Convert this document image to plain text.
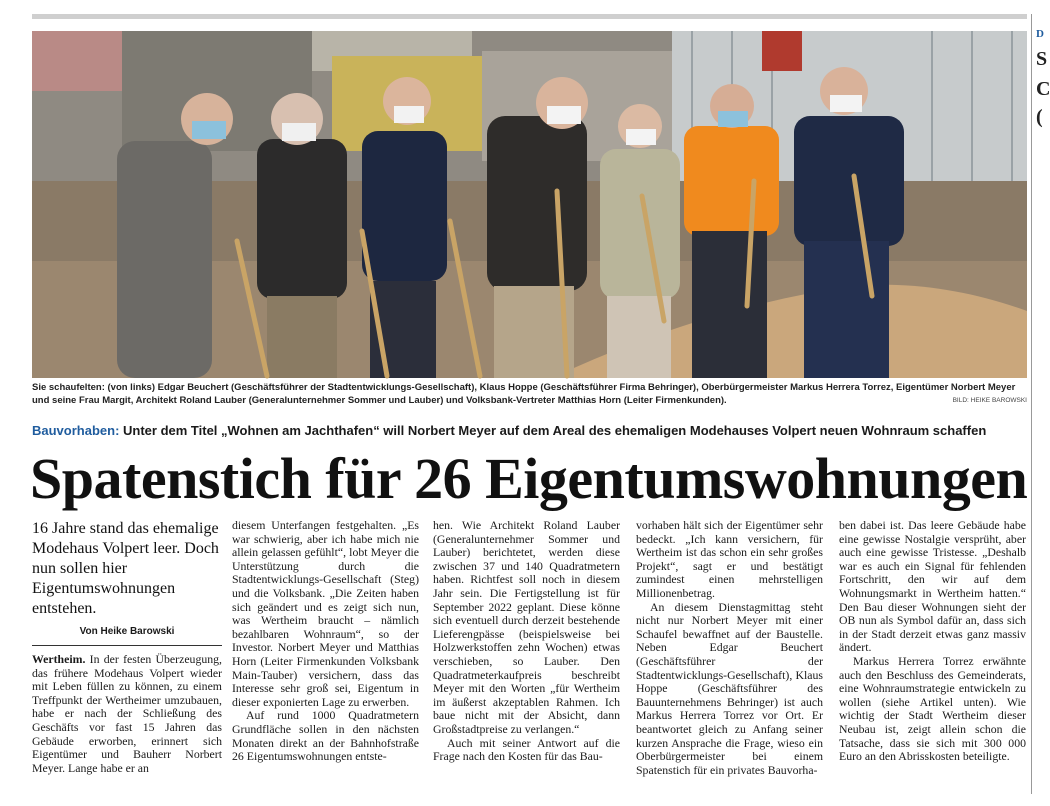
Sie schaufelten: (von links) Edgar Beuchert (Geschäftsführer der Stadtentwicklungs-Gesellschaft), Klaus Hoppe (Geschäftsführer Firma Behringer), Oberbürgermeister Markus Herrera Torrez, Eigentümer Norbert Meyer und seine Frau Margit, Architekt Roland Lauber (Generalunternehmer Sommer und Lauber) und Volksbank-Vertreter Matthias Horn (Leiter Firmenkunden).	BILD: HEIKE BAROWSKI
Bauvorhaben: Unter dem Titel „Wohnen am Jachthafen“ will Norbert Meyer auf dem Areal des ehemaligen Modehauses Volpert neuen Wohnraum schaffen
Spatenstich für 26 Eigentumswohnungen
16 Jahre stand das ehemalige Modehaus Volpert leer. Doch nun sollen hier Eigentumswohnungen entstehen.
Von Heike Barowski

Wertheim. In der festen Überzeugung, das frühere Modehaus Volpert wieder mit Leben füllen zu können, zu einem Treffpunkt der Wertheimer umzubauen, habe er nach der Schließung des Geschäfts vor fast 15 Jahren das Gebäude erworben, erinnert sich Eigentümer und Bauherr Norbert Meyer. Lange habe er an

diesem Unterfangen festgehalten. „Es war schwierig, aber ich habe mich nie allein gelassen gefühlt“, lobt Meyer die Unterstützung durch die Stadtentwicklungs-Gesellschaft (Steg) und die Volksbank. „Die Zeiten haben sich geändert und es zeigt sich nun, was Wertheim braucht – nämlich bezahlbaren Wohnraum“, so der Investor. Norbert Meyer und Matthias Horn (Leiter Firmenkunden Volksbank Main-Tauber) versichern, dass das Interesse sehr groß sei, Eigentum in dieser exponierten Lage zu erwerben.

Auf rund 1000 Quadratmetern Grundfläche sollen in den nächsten Monaten direkt an der Bahnhofstraße 26 Eigentumswohnungen entste-

hen. Wie Architekt Roland Lauber (Generalunternehmer Sommer und Lauber) berichtetet, werden diese zwischen 37 und 140 Quadratmetern haben. Richtfest soll noch in diesem Jahr sein. Die Fertigstellung ist für September 2022 geplant. Diese könne sich eventuell durch derzeit bestehende Lieferengpässe (beispielsweise bei Holzwerkstoffen zehn Wochen) etwas verschieben, so Lauber. Den Quadratmeterkaufpreis beschreibt Meyer mit den Worten „für Wertheim im äußerst akzeptablen Rahmen. Ich baue nicht mit der Absicht, dann Großstadtpreise zu verlangen.“

Auch mit seiner Antwort auf die Frage nach den Kosten für das Bau-

vorhaben hält sich der Eigentümer sehr bedeckt. „Ich kann versichern, für Wertheim ist das schon ein sehr großes Projekt“, sagt er und bestätigt zumindest einen mehrstelligen Millionenbetrag.

An diesem Dienstagmittag steht nicht nur Norbert Meyer mit einer Schaufel bewaffnet auf der Baustelle. Neben Edgar Beuchert (Geschäftsführer der Stadtentwicklungs-Gesellschaft), Klaus Hoppe (Geschäftsführer des Bauunternehmens Behringer) ist auch Markus Herrera Torrez vor Ort. Er beantwortet gleich zu Anfang seiner kurzen Ansprache die Frage, wieso ein Oberbürgermeister bei einem Spatenstich für ein privates Bauvorha-

ben dabei ist. Das leere Gebäude habe eine gewisse Nostalgie versprüht, aber auch eine gewisse Tristesse. „Deshalb war es auch ein Signal für fehlenden Fortschritt, den wir auf dem Wohnungsmarkt in Wertheim hatten.“ Den Bau dieser Wohnungen sieht der OB nun als Symbol dafür an, dass sich in der Stadt derzeit etwas ganz massiv ändert.

Markus Herrera Torrez erwähnte auch den Beschluss des Gemeinderats, eine Wohnraumstrategie entwickeln zu wollen (siehe Artikel unten). Wie wichtig der Stadt Wertheim dieser Neubau ist, zeigt allein schon die Tatsache, dass sie sich mit 300 000 Euro an den Abrisskosten beteiligte.

D
S
C
(
